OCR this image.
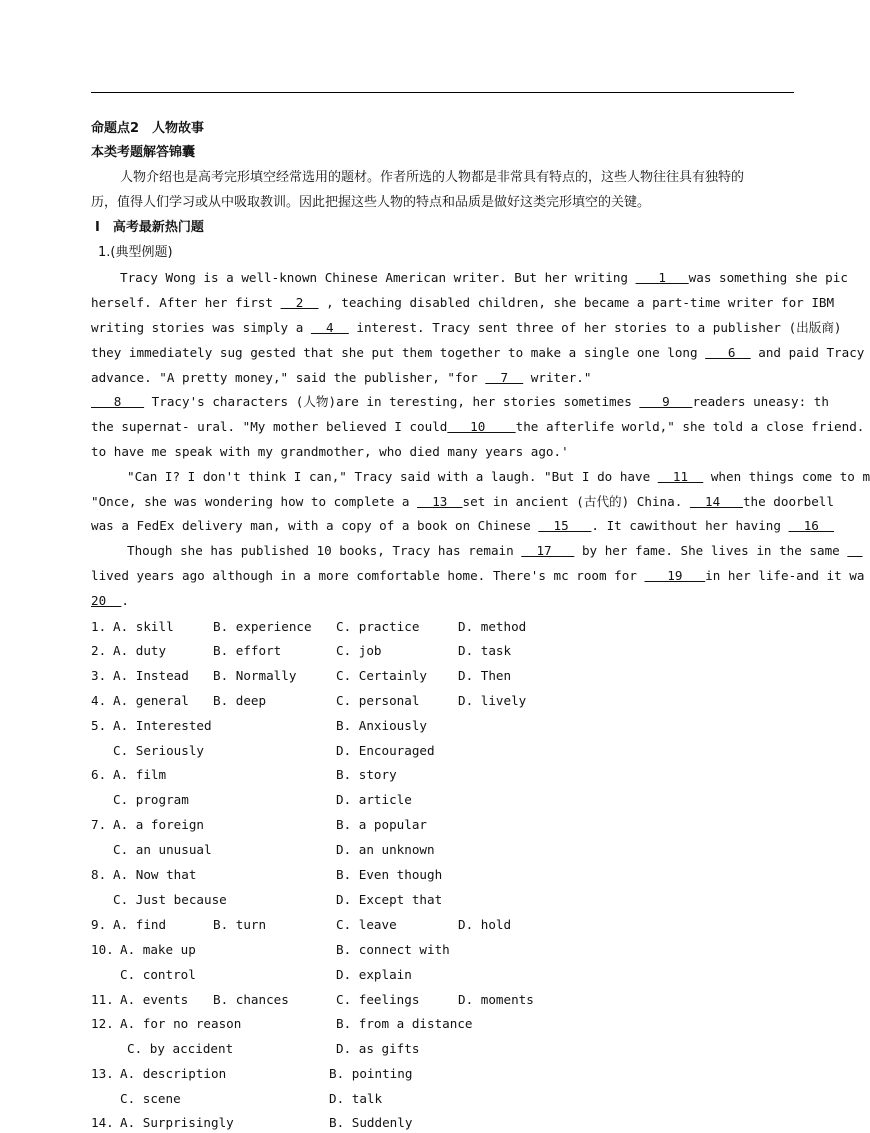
命题点2　人物故事
本类考题解答锦囊
人物介绍也是高考完形填空经常选用的题材。作者所选的人物都是非常具有特点的，这些人物往往具有独特的
历，值得人们学习或从中吸取教训。因此把握这些人物的特点和品质是做好这类完形填空的关键。
Ⅰ　高考最新热门题
1.(典型例题)
Tracy Wong is a well-known Chinese American writer. But her writing    1   was something she pic
herself. After her first   2   , teaching disabled children, she became a part-time writer for IBM
writing stories was simply a   4   interest. Tracy sent three of her stories to a publisher (出版商)
they immediately sug gested that she put them together to make a single one long    6   and paid Tracy
advance. "A pretty money," said the publisher, "for   7   writer."
8    Tracy's characters (人物)are in teresting, her stories sometimes    9   readers uneasy: th
the supernat- ural. "My mother believed I could   10    the afterlife world," she told a close friend.
to have me speak with my grandmother, who died many years ago.'
"Can I? I don't think I can," Tracy said with a laugh. "But I do have   11   when things come to m
"Once, she was wondering how to complete a   13  set in ancient (古代的) China.   14   the doorbell
was a FedEx delivery man, with a copy of a book on Chinese   15   . It cawithout her having   16
Though she has published 10 books, Tracy has remain   17    by her fame. She lives in the same
lived years ago although in a more comfortable home. There's mc room for    19   in her life-and it wa
20  .
1. A. skill	B. experience C. practice	D. method
2. A. duty	B. effort	C. job	D. task
3. A. Instead B. Normally	C. Certainly D. Then
4. A. general B. deep	C. personal	D. lively
5. A. Interested	B. Anxiously
C. Seriously	D. Encouraged
6. A. film	B. story
C. program	D. article
7. A. a foreign	B. a popular
C. an unusual	D. an unknown
8. A. Now that	B. Even though
C. Just because	D. Except that
9. A. find	B. turn	C. leave	D. hold
10. A. make up	B. connect with
C. control	D. explain
11. A. events B. chances	C. feelings	D. moments
12. A. for no reason	B. from a distance
C. by accident	D. as gifts
13. A. description	B. pointing
C. scene	D. talk
14. A. Surprisingly	B. Suddenly
